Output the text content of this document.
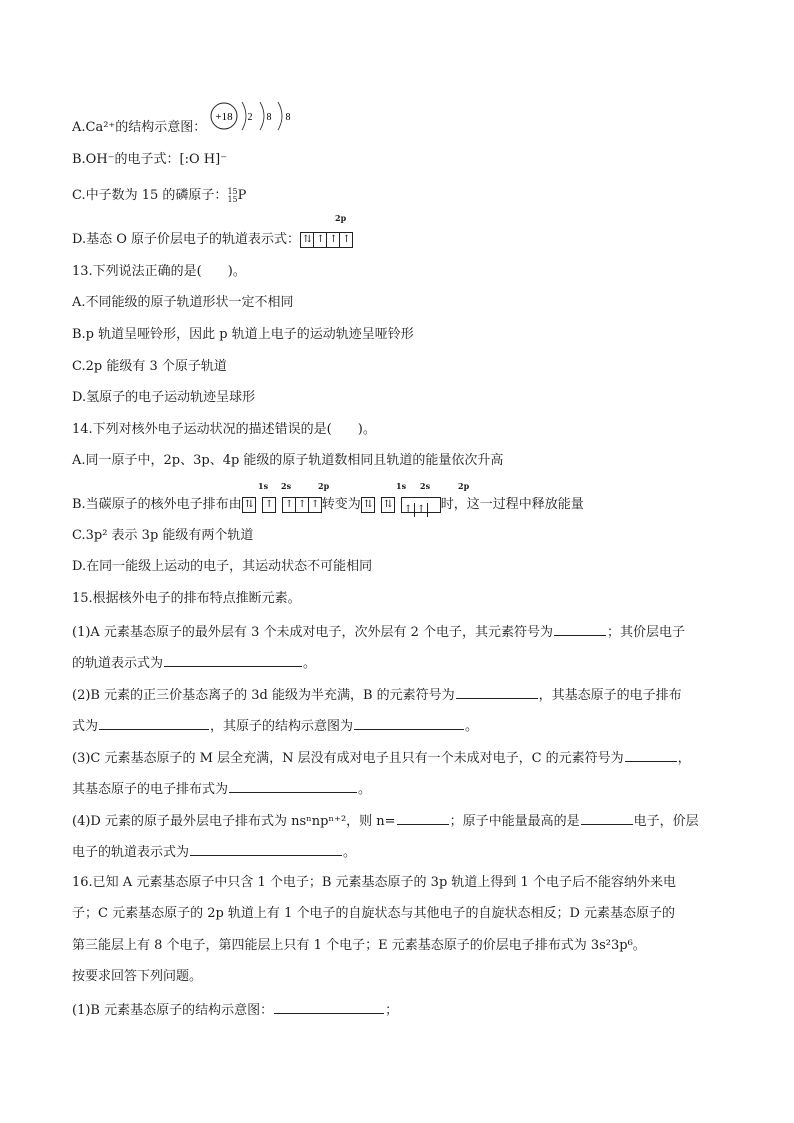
A.Ca²⁺的结构示意图：
+18 2 8 8
B.OH⁻的电子式：[:O H]⁻
C.中子数为 15 的磷原子：15
15P
2p
D.基态 O 原子价层电子的轨道表示式： ⇅ ↑ ↑ ↑
13.下列说法正确的是(　　)。
A.不同能级的原子轨道形状一定不相同
B.p 轨道呈哑铃形，因此 p 轨道上电子的运动轨迹呈哑铃形
C.2p 能级有 3 个原子轨道
D.氢原子的电子运动轨迹呈球形
14.下列对核外电子运动状况的描述错误的是(　　)。
A.同一原子中，2p、3p、4p 能级的原子轨道数相同且轨道的能量依次升高
1s 2s	2p	1s 2s	2p
B.当碳原子的核外电子排布由 ⇅ ↑ ↑ ↑ ↑ 转变为 ⇅ ⇅ ↑ ↑ 时，这一过程中释放能量
C.3p² 表示 3p 能级有两个轨道
D.在同一能级上运动的电子，其运动状态不可能相同
15.根据核外电子的排布特点推断元素。
(1)A 元素基态原子的最外层有 3 个未成对电子，次外层有 2 个电子，其元素符号为	；其价层电子
的轨道表示式为	。
(2)B 元素的正三价基态离子的 3d 能级为半充满，B 的元素符号为	，其基态原子的电子排布
式为	，其原子的结构示意图为	。
(3)C 元素基态原子的 M 层全充满，N 层没有成对电子且只有一个未成对电子，C 的元素符号为	，
其基态原子的电子排布式为	。
(4)D 元素的原子最外层电子排布式为 nsⁿnpⁿ⁺²，则 n=	；原子中能量最高的是	电子，价层
电子的轨道表示式为	。
16.已知 A 元素基态原子中只含 1 个电子；B 元素基态原子的 3p 轨道上得到 1 个电子后不能容纳外来电
子；C 元素基态原子的 2p 轨道上有 1 个电子的自旋状态与其他电子的自旋状态相反；D 元素基态原子的
第三能层上有 8 个电子，第四能层上只有 1 个电子；E 元素基态原子的价层电子排布式为 3s²3p⁶。
按要求回答下列问题。
(1)B 元素基态原子的结构示意图：	；
